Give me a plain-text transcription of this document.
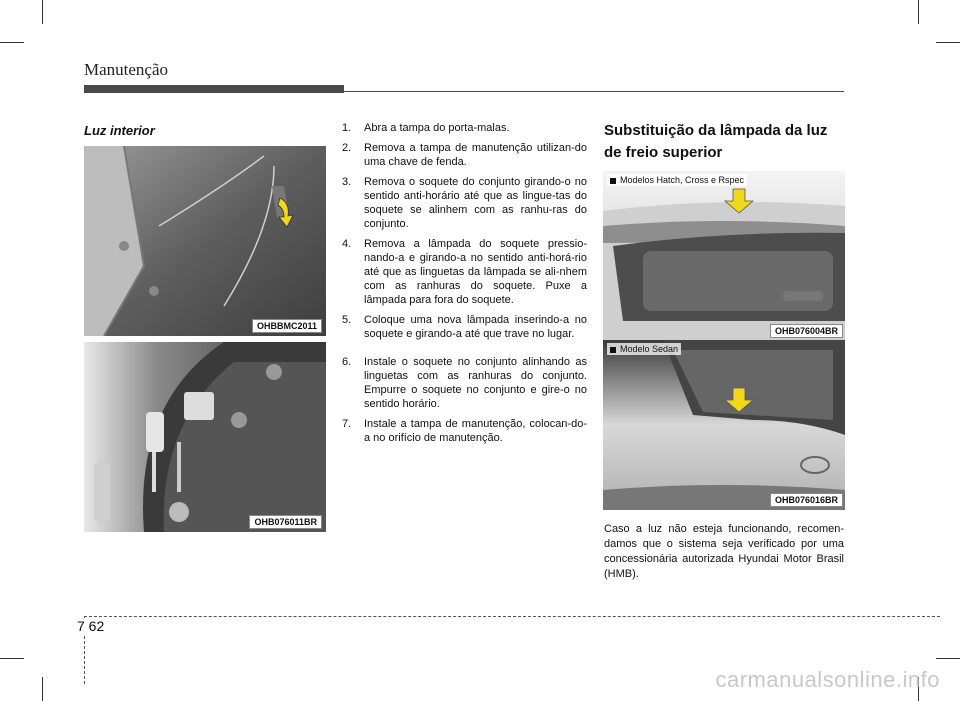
Manutenção
Luz interior
OHBBMC2011
OHB076011BR
1. Abra a tampa do porta-malas.
2. Remova a tampa de manutenção utilizan-do uma chave de fenda.
3. Remova o soquete do conjunto girando-o no sentido anti-horário até que as lingue-tas do soquete se alinhem com as ranhu-ras do conjunto.
4. Remova a lâmpada do soquete pressio-nando-a e girando-a no sentido anti-horá-rio até que as linguetas da lâmpada se ali-nhem com as ranhuras do soquete. Puxe a lâmpada para fora do soquete.
5. Coloque uma nova lâmpada inserindo-a no soquete e girando-a até que trave no lugar.
6. Instale o soquete no conjunto alinhando as linguetas com as ranhuras do conjunto. Empurre o soquete no conjunto e gire-o no sentido horário.
7. Instale a tampa de manutenção, colocan-do-a no orifício de manutenção.
Substituição da lâmpada da luz de freio superior
Modelos Hatch, Cross e Rspec
OHB076004BR
Modelo Sedan
OHB076016BR
Caso a luz não esteja funcionando, recomen-damos que o sistema seja verificado por uma concessionária autorizada Hyundai Motor Brasil (HMB).
7 62
carmanualsonline.info
